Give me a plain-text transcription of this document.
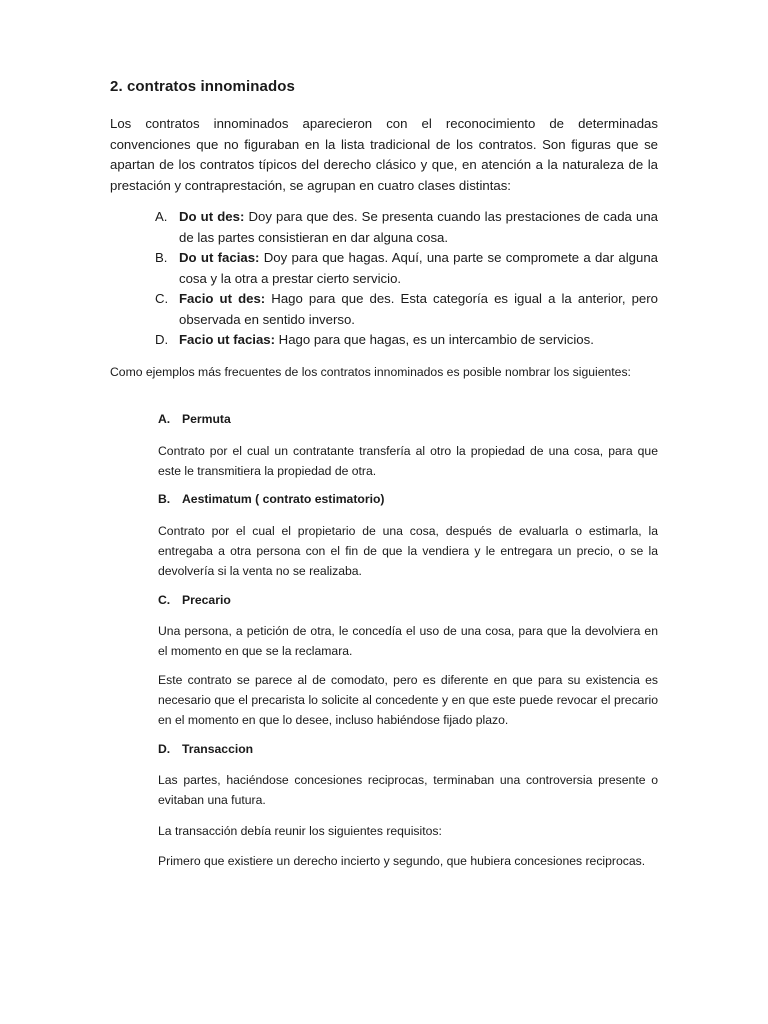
2. contratos innominados
Los contratos innominados aparecieron con el reconocimiento de determinadas convenciones que no figuraban en la lista tradicional de los contratos. Son figuras que se apartan de los contratos típicos del derecho clásico y que, en atención a la naturaleza de la prestación y contraprestación, se agrupan en cuatro clases distintas:
A. Do ut des: Doy para que des. Se presenta cuando las prestaciones de cada una de las partes consistieran en dar alguna cosa.
B. Do ut facias: Doy para que hagas. Aquí, una parte se compromete a dar alguna cosa y la otra a prestar cierto servicio.
C. Facio ut des: Hago para que des. Esta categoría es igual a la anterior, pero observada en sentido inverso.
D. Facio ut facias: Hago para que hagas, es un intercambio de servicios.
Como ejemplos más frecuentes de los contratos innominados es posible nombrar los siguientes:
A. Permuta
Contrato por el cual un contratante transfería al otro la propiedad de una cosa, para que este le transmitiera la propiedad de otra.
B. Aestimatum ( contrato estimatorio)
Contrato por el cual el propietario de una cosa, después de evaluarla o estimarla, la entregaba a otra persona con el fin de que la vendiera y le entregara un precio, o se la devolvería si la venta no se realizaba.
C. Precario
Una persona, a petición de otra, le concedía el uso de una cosa, para que la devolviera en el momento en que se la reclamara.
Este contrato se parece al de comodato, pero es diferente en que para su existencia es necesario que el precarista lo solicite al concedente y en que este puede revocar el precario en el momento en que lo desee, incluso habiéndose fijado plazo.
D. Transaccion
Las partes, haciéndose concesiones reciprocas, terminaban una controversia presente o evitaban una futura.
La transacción debía reunir los siguientes requisitos:
Primero que existiere un derecho incierto y segundo, que hubiera concesiones reciprocas.
